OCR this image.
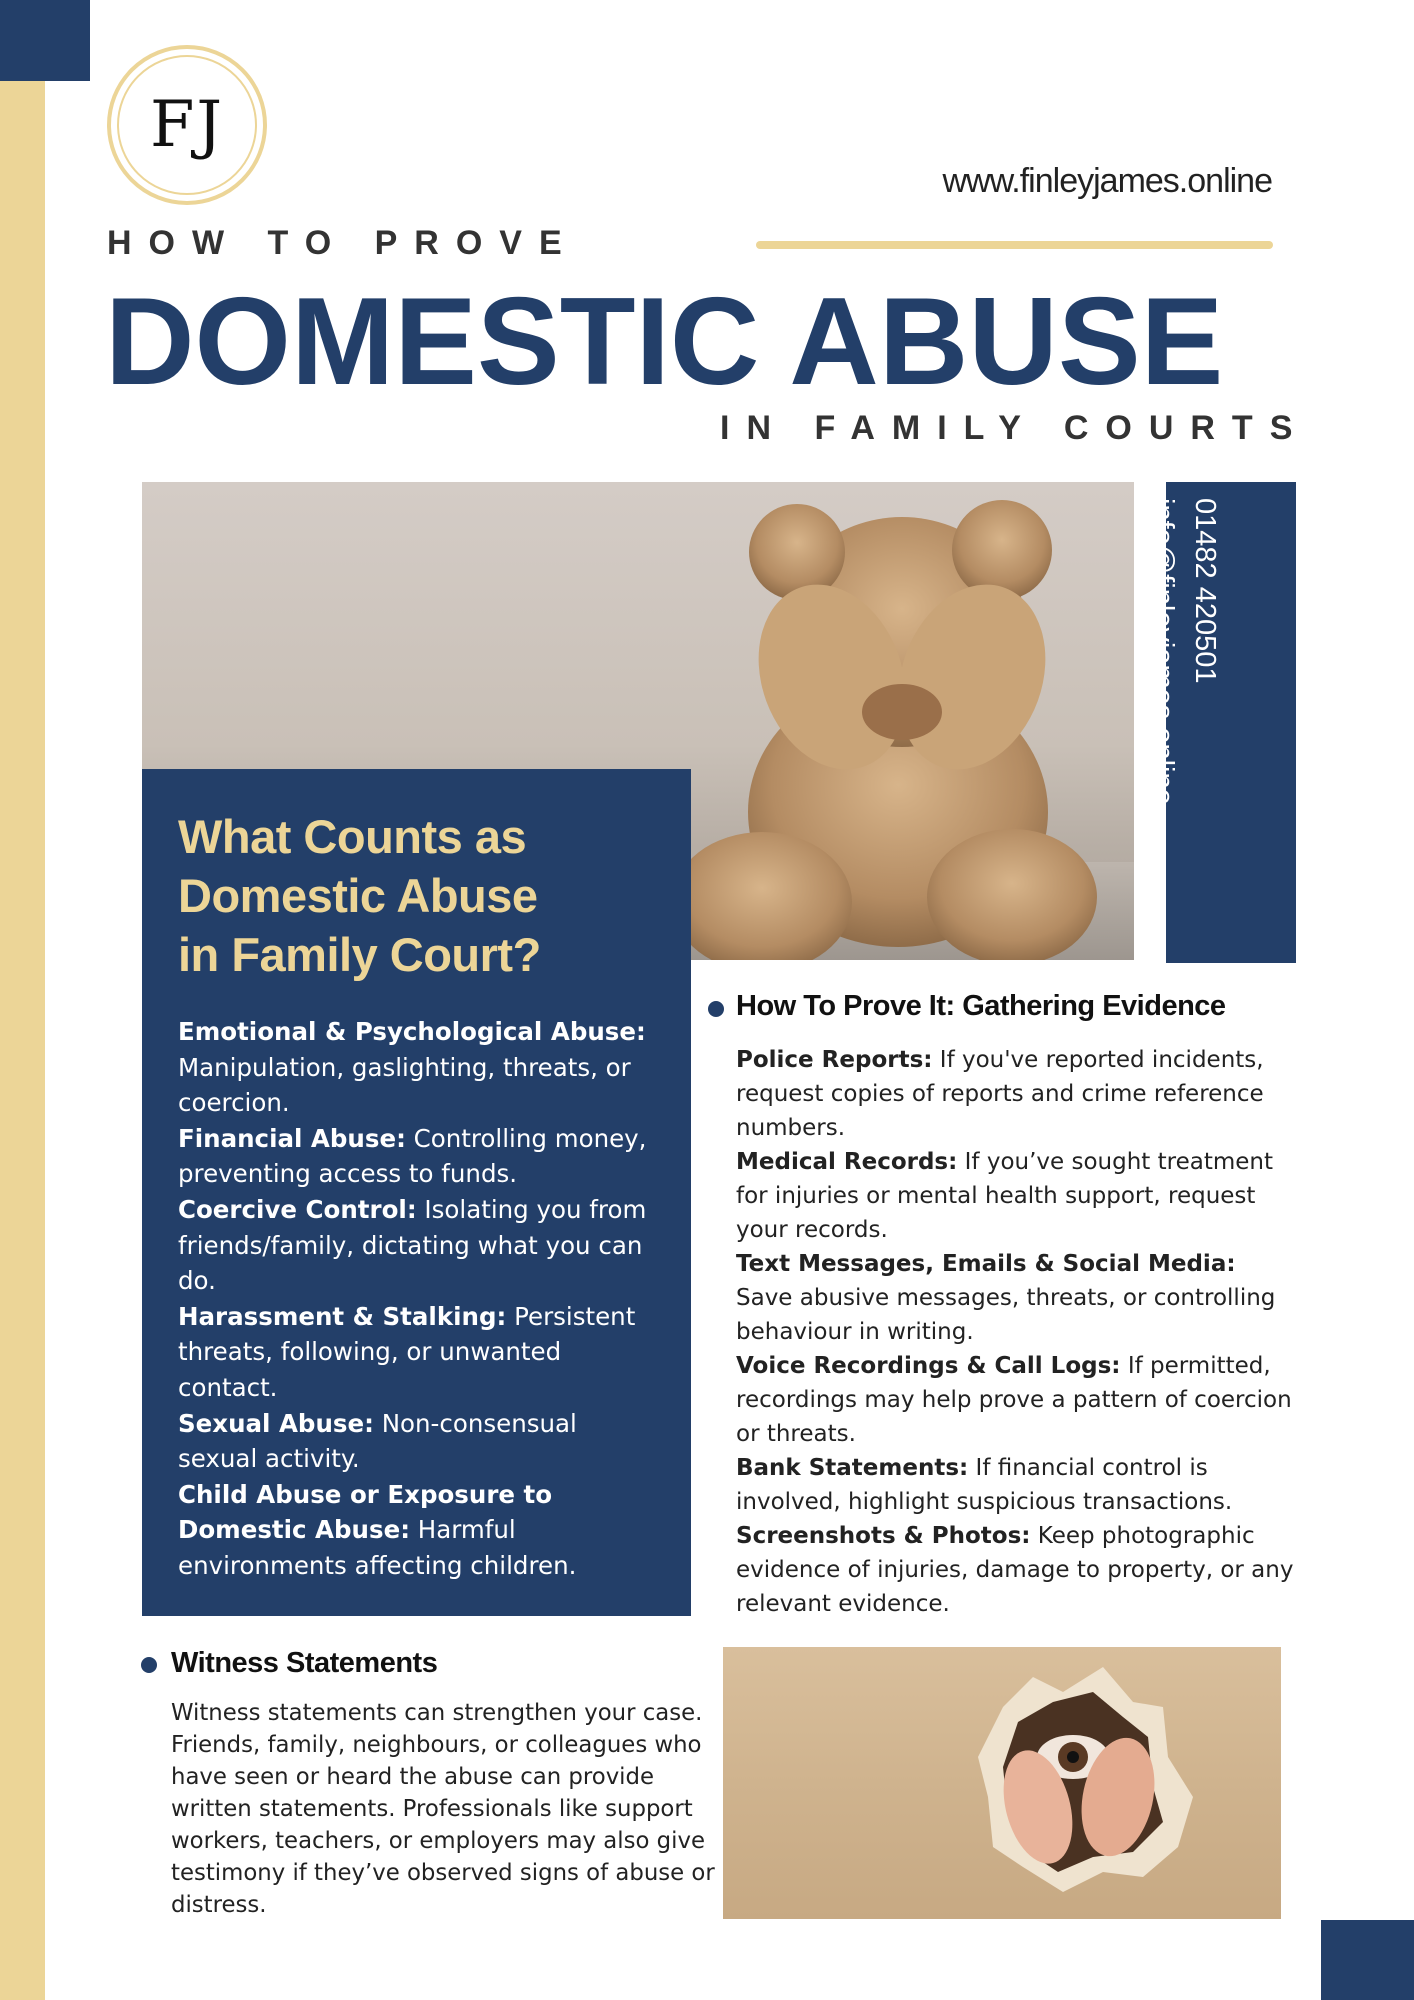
FJ
www.finleyjames.online
HOW TO PROVE
DOMESTIC ABUSE
IN FAMILY COURTS
01482 420501
info@finleyjames.online
What Counts as
Domestic Abuse
in Family Court?

Emotional & Psychological Abuse: Manipulation, gaslighting, threats, or coercion.

Financial Abuse: Controlling money, preventing access to funds.

Coercive Control: Isolating you from friends/family, dictating what you can do.

Harassment & Stalking: Persistent threats, following, or unwanted contact.

Sexual Abuse: Non-consensual sexual activity.

Child Abuse or Exposure to Domestic Abuse: Harmful environments affecting children.

How To Prove It: Gathering Evidence

Police Reports: If you've reported incidents, request copies of reports and crime reference numbers.

Medical Records: If you’ve sought treatment for injuries or mental health support, request your records.

Text Messages, Emails & Social Media: Save abusive messages, threats, or controlling behaviour in writing.

Voice Recordings & Call Logs: If permitted, recordings may help prove a pattern of coercion or threats.

Bank Statements: If financial control is involved, highlight suspicious transactions.

Screenshots & Photos: Keep photographic evidence of injuries, damage to property, or any relevant evidence.

Witness Statements
Witness statements can strengthen your case. Friends, family, neighbours, or colleagues who have seen or heard the abuse can provide written statements. Professionals like support workers, teachers, or employers may also give testimony if they’ve observed signs of abuse or distress.
